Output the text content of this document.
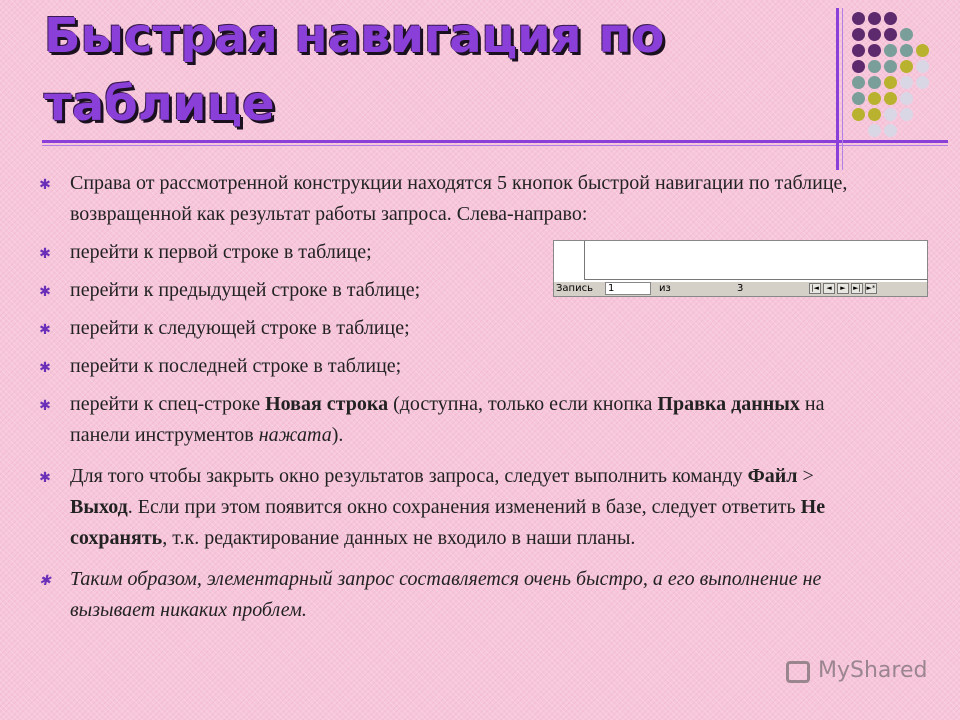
Быстрая навигация по таблице
✱ Справа от рассмотренной конструкции находятся 5 кнопок быстрой навигации по таблице, возвращенной как результат работы запроса. Слева-направо:
✱ перейти к первой строке в таблице;
✱ перейти к предыдущей строке в таблице;
✱ перейти к следующей строке в таблице;
✱ перейти к последней строке в таблице;
✱ перейти к спец-строке Новая строка (доступна, только если кнопка Правка данных на панели инструментов нажата).
✱ Для того чтобы закрыть окно результатов запроса, следует выполнить команду Файл > Выход. Если при этом появится окно сохранения изменений в базе, следует ответить Не сохранять, т.к. редактирование данных не входило в наши планы.
✱ Таким образом, элементарный запрос составляется очень быстро, а его выполнение не вызывает никаких проблем.
Запись	1	из	3	|◄	◄	►	►| ►*
MyShared
